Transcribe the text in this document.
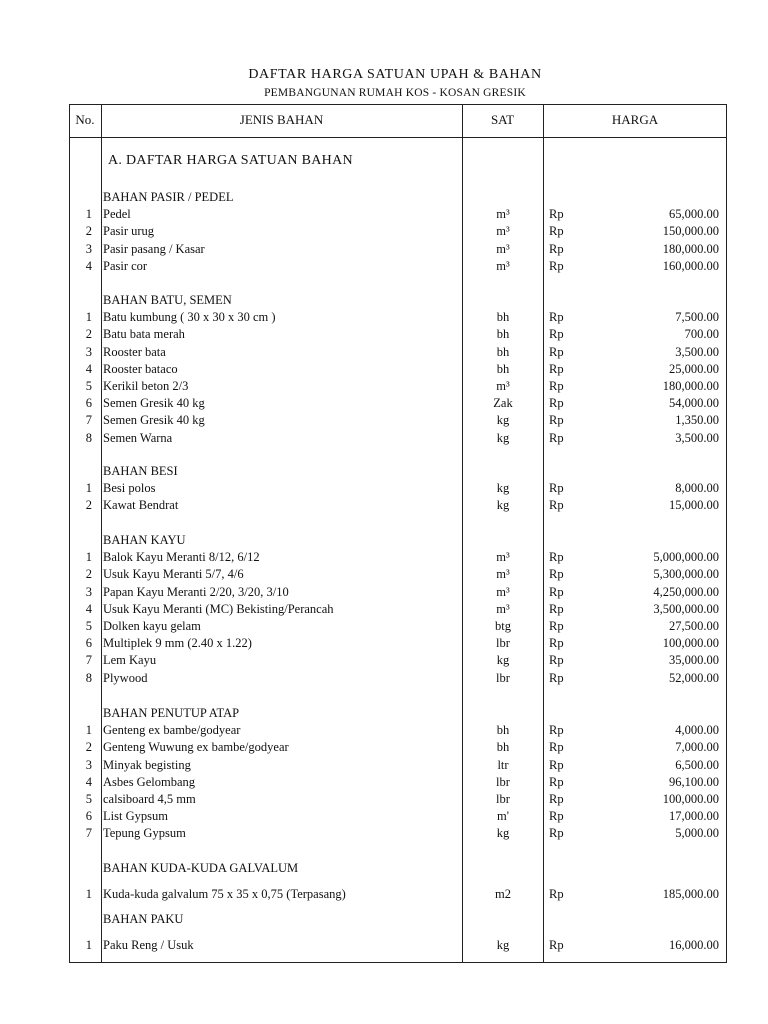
DAFTAR HARGA SATUAN UPAH & BAHAN
PEMBANGUNAN RUMAH KOS - KOSAN GRESIK
No.	JENIS BAHAN	SAT	HARGA
A. DAFTAR HARGA SATUAN BAHAN
BAHAN PASIR / PEDEL
1 Pedel	m³	Rp	65,000.00
2 Pasir urug	m³	Rp	150,000.00
3 Pasir pasang / Kasar	m³	Rp	180,000.00
4 Pasir cor	m³	Rp	160,000.00
BAHAN BATU, SEMEN
1 Batu kumbung ( 30 x 30 x 30 cm )	bh	Rp	7,500.00
2 Batu bata merah	bh	Rp	700.00
3 Rooster bata	bh	Rp	3,500.00
4 Rooster bataco	bh	Rp	25,000.00
5 Kerikil beton 2/3	m³	Rp	180,000.00
6 Semen Gresik 40 kg	Zak	Rp	54,000.00
7 Semen Gresik 40 kg	kg	Rp	1,350.00
8 Semen Warna	kg	Rp	3,500.00
BAHAN BESI
1 Besi polos	kg	Rp	8,000.00
2 Kawat Bendrat	kg	Rp	15,000.00
BAHAN KAYU
1 Balok Kayu Meranti 8/12, 6/12	m³	Rp	5,000,000.00
2 Usuk Kayu Meranti 5/7, 4/6	m³	Rp	5,300,000.00
3 Papan Kayu Meranti 2/20, 3/20, 3/10	m³	Rp	4,250,000.00
4 Usuk Kayu Meranti (MC) Bekisting/Perancah	m³	Rp	3,500,000.00
5 Dolken kayu gelam	btg	Rp	27,500.00
6 Multiplek 9 mm (2.40 x 1.22)	lbr	Rp	100,000.00
7 Lem Kayu	kg	Rp	35,000.00
8 Plywood	lbr	Rp	52,000.00
BAHAN PENUTUP ATAP
1 Genteng ex bambe/godyear	bh	Rp	4,000.00
2 Genteng Wuwung ex bambe/godyear	bh	Rp	7,000.00
3 Minyak begisting	ltr	Rp	6,500.00
4 Asbes Gelombang	lbr	Rp	96,100.00
5 calsiboard 4,5 mm	lbr	Rp	100,000.00
6 List Gypsum	m'	Rp	17,000.00
7 Tepung Gypsum	kg	Rp	5,000.00
BAHAN KUDA-KUDA GALVALUM
1 Kuda-kuda galvalum 75 x 35 x 0,75 (Terpasang)	m2	Rp	185,000.00
BAHAN PAKU
1 Paku Reng / Usuk	kg	Rp	16,000.00
